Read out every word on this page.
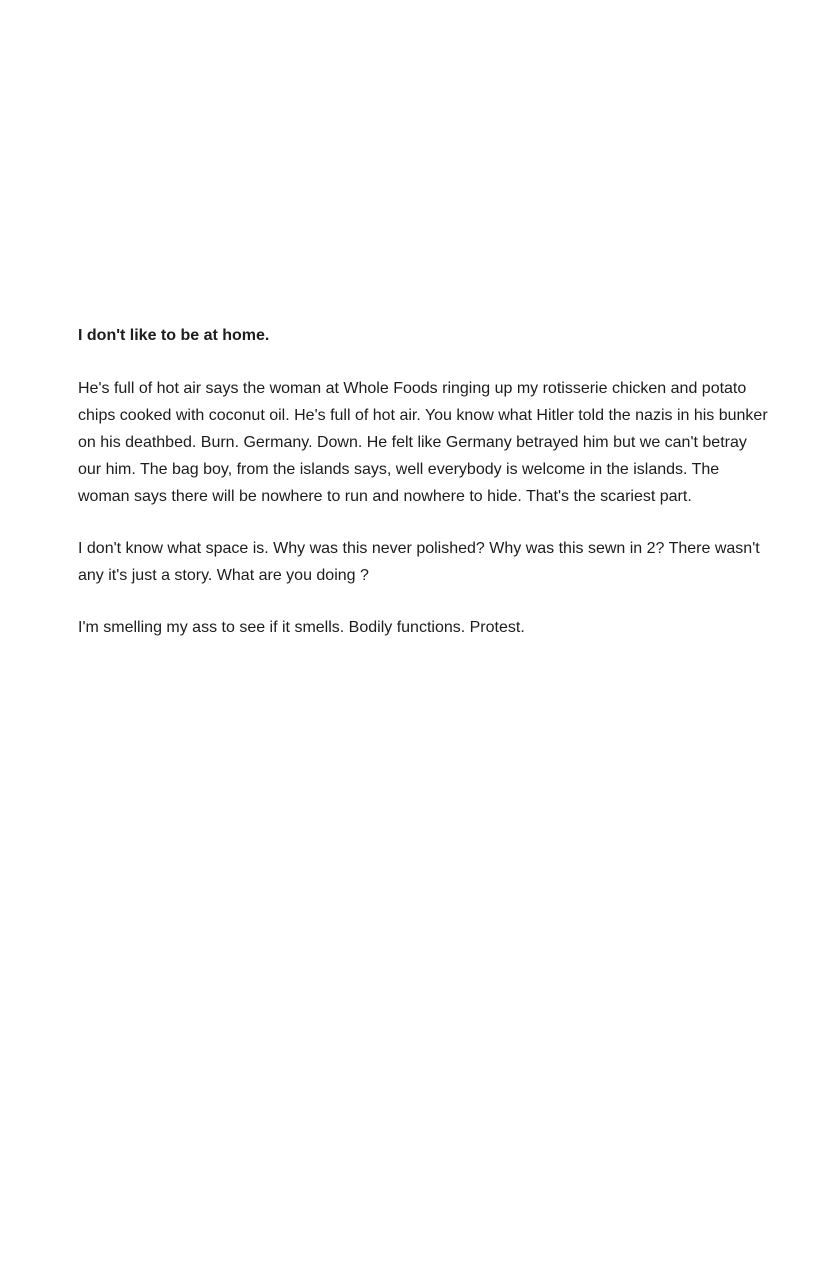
I don't like to be at home.

He's full of hot air says the woman at Whole Foods ringing up my rotisserie chicken and potato chips cooked with coconut oil. He's full of hot air. You know what Hitler told the nazis in his bunker on his deathbed. Burn. Germany. Down. He felt like Germany betrayed him but we can't betray our him. The bag boy, from the islands says, well everybody is welcome in the islands. The woman says there will be nowhere to run and nowhere to hide. That's the scariest part.

I don't know what space is. Why was this never polished? Why was this sewn in 2? There wasn't any it's just a story. What are you doing ?

I'm smelling my ass to see if it smells. Bodily functions. Protest.
